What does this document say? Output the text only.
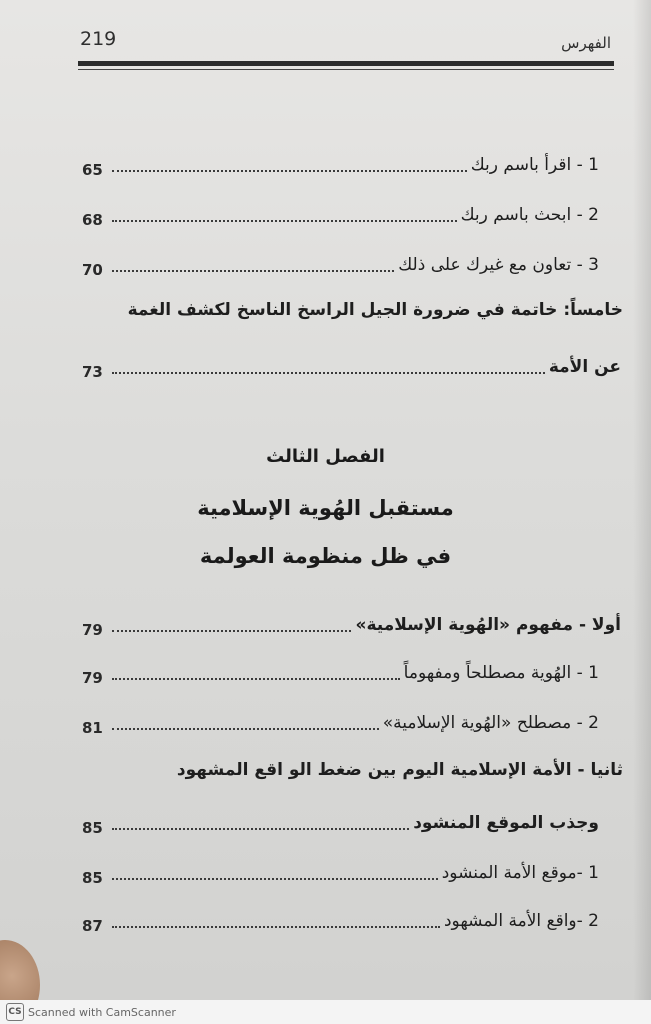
219	الفهرس
1 - اقرأ باسم ربك
65
2 - ابحث باسم ربك
68
3 - تعاون مع غيرك على ذلك
70
خامساً: خاتمة في ضرورة الجيل الراسخ الناسخ لكشف الغمة
عن الأمة
73
الفصل الثالث
مستقبل الهُوية الإسلامية
في ظل منظومة العولمة
أولا - مفهوم «الهُوية الإسلامية»
79
1 - الهُوية مصطلحاً ومفهوماً
79
2 - مصطلح «الهُوية الإسلامية»
81
ثانيا - الأمة الإسلامية اليوم بين ضغط الو اقع المشهود
وجذب الموقع المنشود
85
1 -موقع الأمة المنشود
85
2 -واقع الأمة المشهود
87
CS Scanned with CamScanner
